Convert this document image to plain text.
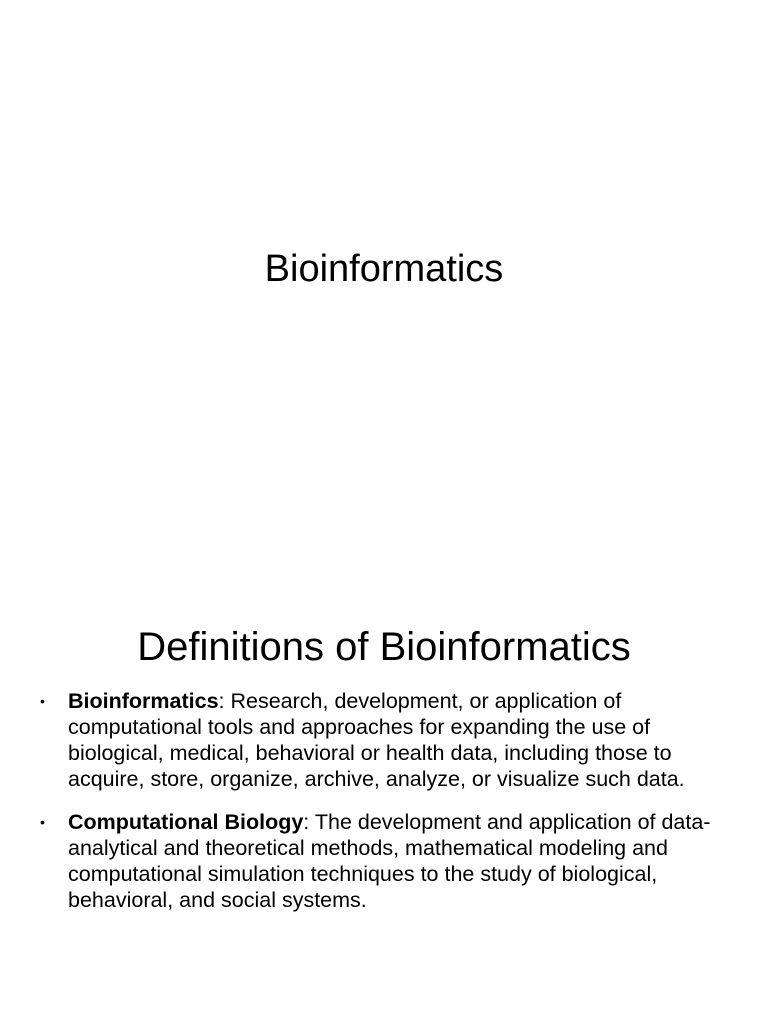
Bioinformatics
Definitions of Bioinformatics
• Bioinformatics: Research, development, or application of computational tools and approaches for expanding the use of biological, medical, behavioral or health data, including those to acquire, store, organize, archive, analyze, or visualize such data.
• Computational Biology: The development and application of data-analytical and theoretical methods, mathematical modeling and computational simulation techniques to the study of biological, behavioral, and social systems.
